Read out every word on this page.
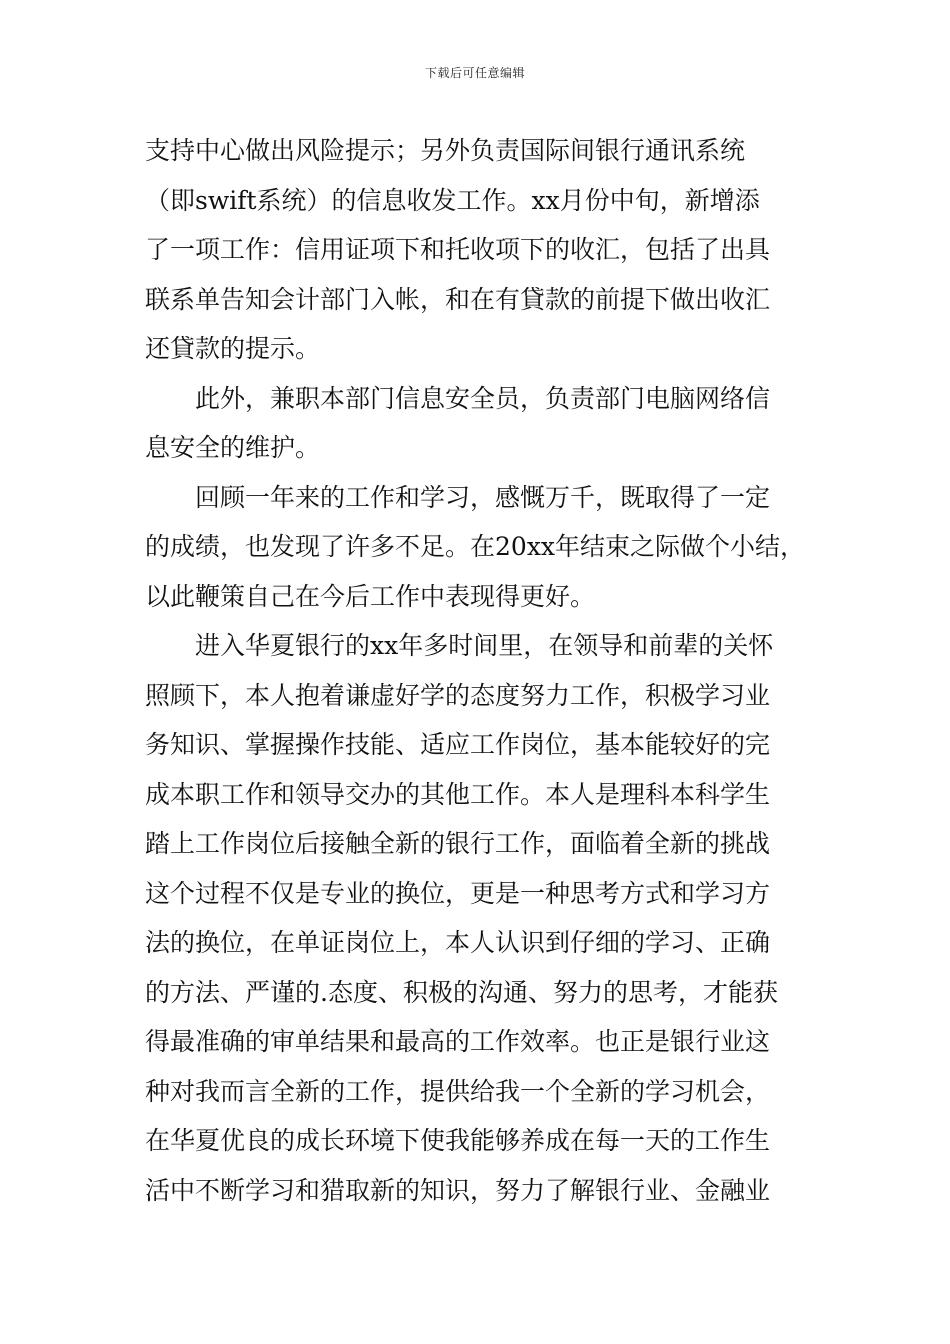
下载后可任意编辑
支持中心做出风险提示；另外负责国际间银行通讯系统
（即swift系统）的信息收发工作。xx月份中旬，新增添
了一项工作：信用证项下和托收项下的收汇，包括了出具
联系单告知会计部门入帐，和在有貸款的前提下做出收汇
还貸款的提示。
此外，兼职本部门信息安全员，负责部门电脑网络信
息安全的维护。
回顾一年来的工作和学习，感慨万千，既取得了一定
的成绩，也发现了许多不足。在20xx年结束之际做个小结，
以此鞭策自己在今后工作中表现得更好。
进入华夏银行的xx年多时间里，在领导和前辈的关怀
照顾下，本人抱着谦虚好学的态度努力工作，积极学习业
务知识、掌握操作技能、适应工作岗位，基本能较好的完
成本职工作和领导交办的其他工作。本人是理科本科学生
踏上工作岗位后接触全新的银行工作，面临着全新的挑战
这个过程不仅是专业的换位，更是一种思考方式和学习方
法的换位，在单证岗位上，本人认识到仔细的学习、正确
的方法、严谨的.态度、积极的沟通、努力的思考，才能获
得最准确的审单结果和最高的工作效率。也正是银行业这
种对我而言全新的工作，提供给我一个全新的学习机会，
在华夏优良的成长环境下使我能够养成在每一天的工作生
活中不断学习和猎取新的知识，努力了解银行业、金融业
